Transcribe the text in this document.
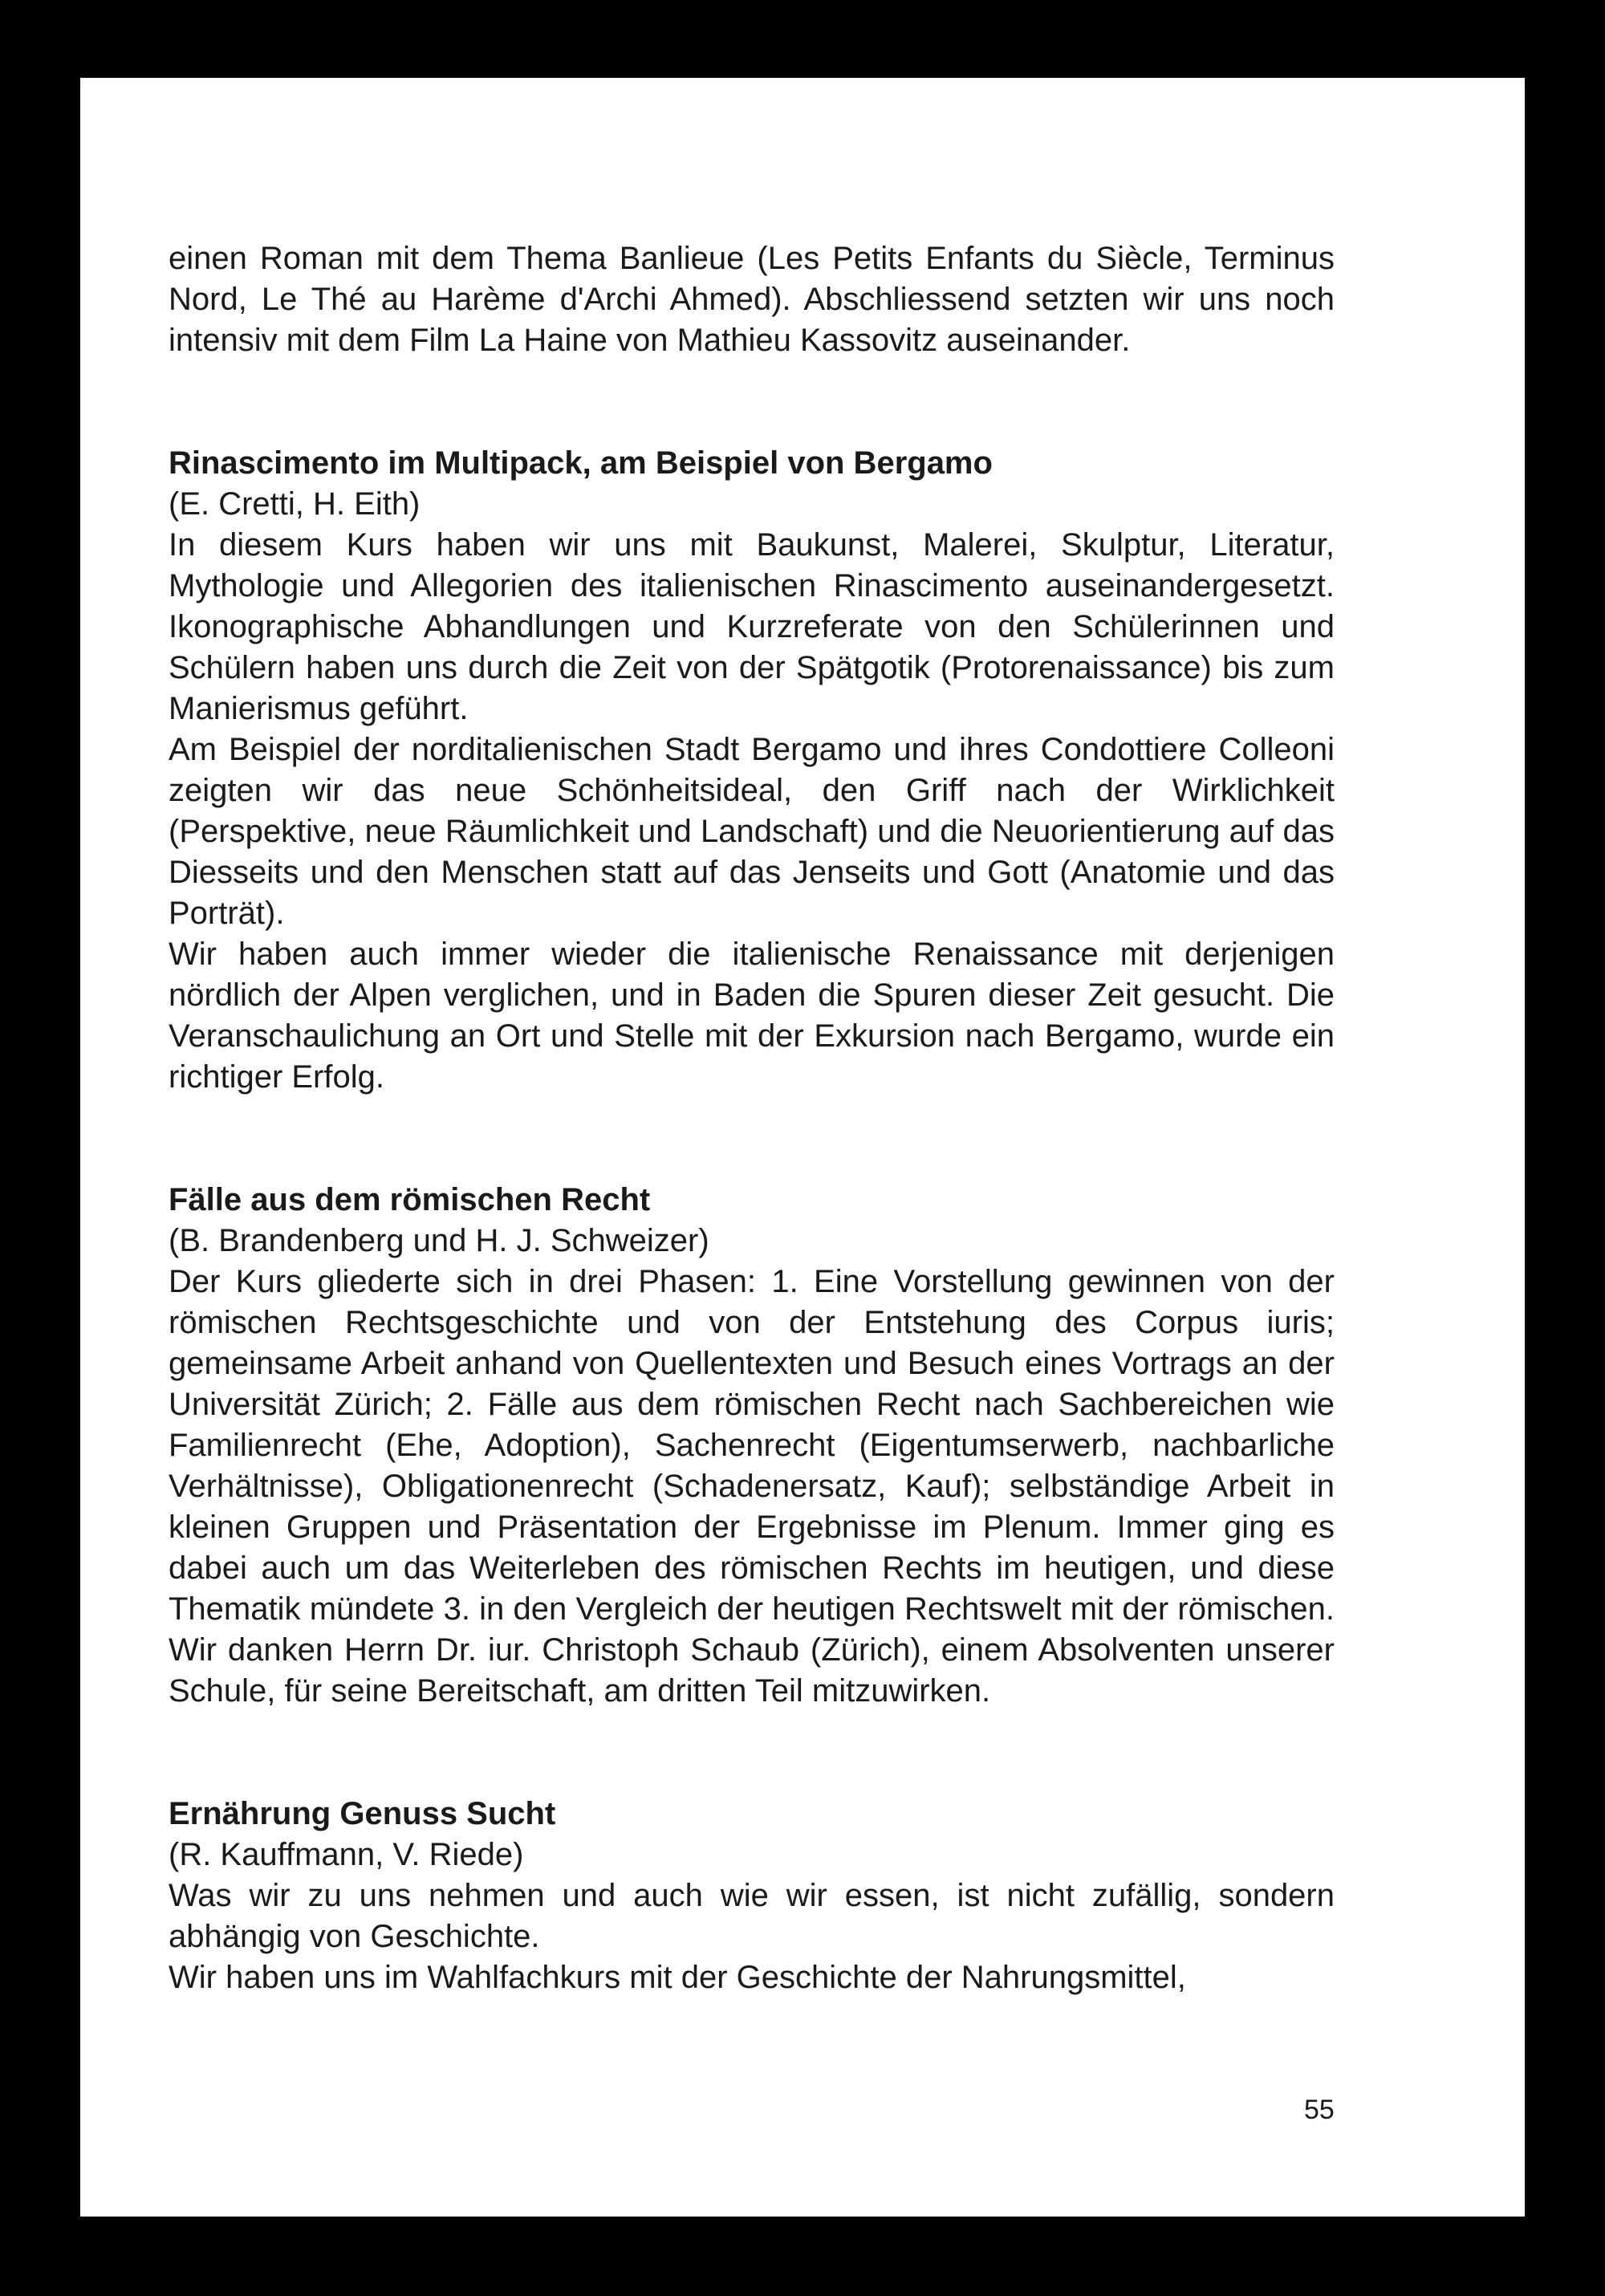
einen Roman mit dem Thema Banlieue (Les Petits Enfants du Siècle, Terminus Nord, Le Thé au Harème d'Archi Ahmed). Abschliessend setzten wir uns noch intensiv mit dem Film La Haine von Mathieu Kassovitz auseinander.

Rinascimento im Multipack, am Beispiel von Bergamo
(E. Cretti, H. Eith)

In diesem Kurs haben wir uns mit Baukunst, Malerei, Skulptur, Literatur, Mythologie und Allegorien des italienischen Rinascimento auseinandergesetzt. Ikonographische Abhandlungen und Kurzreferate von den Schülerinnen und Schülern haben uns durch die Zeit von der Spätgotik (Protorenaissance) bis zum Manierismus geführt.

Am Beispiel der norditalienischen Stadt Bergamo und ihres Condottiere Colleoni zeigten wir das neue Schönheitsideal, den Griff nach der Wirklichkeit (Perspektive, neue Räumlichkeit und Landschaft) und die Neuorientierung auf das Diesseits und den Menschen statt auf das Jenseits und Gott (Anatomie und das Porträt).

Wir haben auch immer wieder die italienische Renaissance mit derjenigen nördlich der Alpen verglichen, und in Baden die Spuren dieser Zeit gesucht. Die Veranschaulichung an Ort und Stelle mit der Exkursion nach Bergamo, wurde ein richtiger Erfolg.

Fälle aus dem römischen Recht
(B. Brandenberg und H. J. Schweizer)

Der Kurs gliederte sich in drei Phasen: 1. Eine Vorstellung gewinnen von der römischen Rechtsgeschichte und von der Entstehung des Corpus iuris; gemeinsame Arbeit anhand von Quellentexten und Besuch eines Vortrags an der Universität Zürich; 2. Fälle aus dem römischen Recht nach Sachbereichen wie Familienrecht (Ehe, Adoption), Sachenrecht (Eigentumserwerb, nachbarliche Verhältnisse), Obligationenrecht (Schadenersatz, Kauf); selbständige Arbeit in kleinen Gruppen und Präsentation der Ergebnisse im Plenum. Immer ging es dabei auch um das Weiterleben des römischen Rechts im heutigen, und diese Thematik mündete 3. in den Vergleich der heutigen Rechtswelt mit der römischen. Wir danken Herrn Dr. iur. Christoph Schaub (Zürich), einem Absolventen unserer Schule, für seine Bereitschaft, am dritten Teil mitzuwirken.

Ernährung Genuss Sucht
(R. Kauffmann, V. Riede)

Was wir zu uns nehmen und auch wie wir essen, ist nicht zufällig, sondern abhängig von Geschichte.

Wir haben uns im Wahlfachkurs mit der Geschichte der Nahrungsmittel,

55
